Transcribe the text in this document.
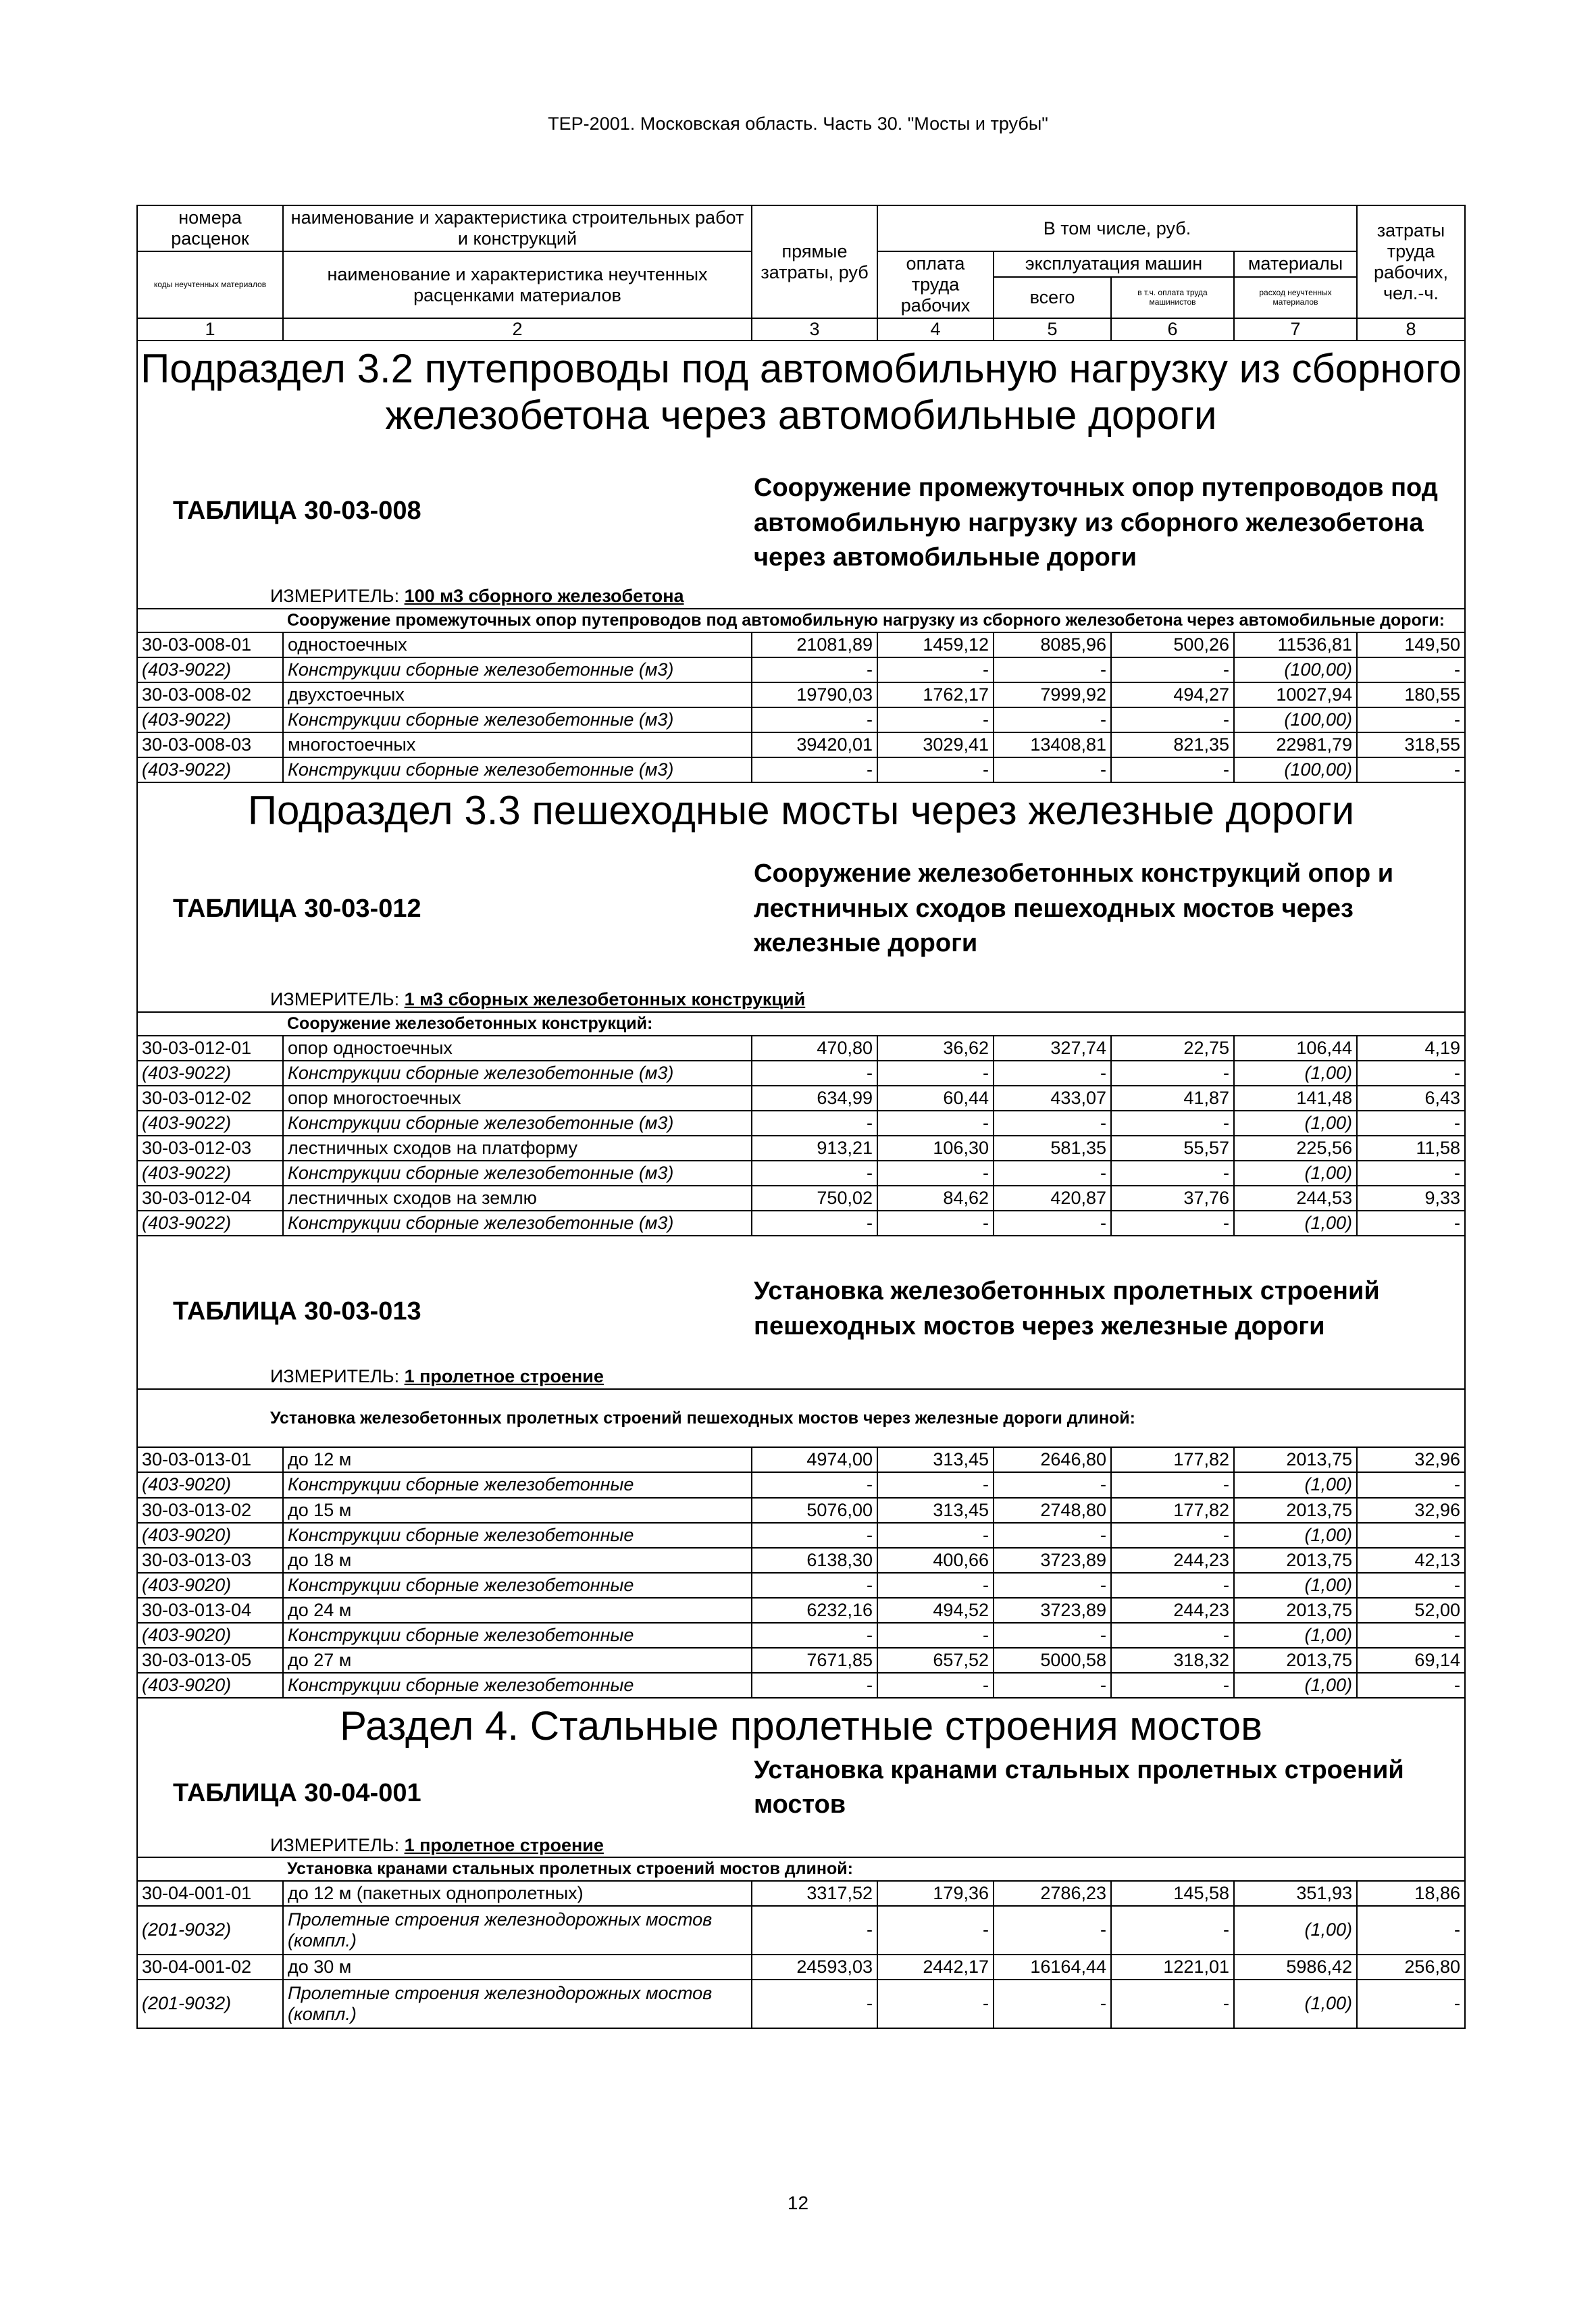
ТЕР-2001. Московская область. Часть 30. "Мосты и трубы"
номера расценок	наименование и характеристика строительных работ и конструкций	прямые затраты, руб	В том числе, руб.				затраты труда рабочих, чел.-ч.
коды неучтенных материалов	наименование и характеристика неучтенных расценками материалов		оплата труда рабочих	эксплуатация машин		материалы	
				всего	в т.ч. оплата труда машинистов	расход неучтенных материалов	
1	2	3	4	5	6	7	8
Подраздел 3.2 путепроводы под автомобильную нагрузку из сборного железобетона через автомобильные дороги							

ТАБЛИЦА 30-03-008
Сооружение промежуточных опор путепроводов под автомобильную нагрузку из сборного железобетона через автомобильные дороги							

ИЗМЕРИТЕЛЬ: 100 м3 сборного железобетона							
	Сооружение промежуточных опор путепроводов под автомобильную нагрузку из сборного железобетона через автомобильные дороги:						
30-03-008-01	одностоечных	21081,89	1459,12	8085,96	500,26	11536,81	149,50
(403-9022)	Конструкции сборные железобетонные (м3)	-	-	-	-	(100,00)	-
30-03-008-02	двухстоечных	19790,03	1762,17	7999,92	494,27	10027,94	180,55
(403-9022)	Конструкции сборные железобетонные (м3)	-	-	-	-	(100,00)	-
30-03-008-03	многостоечных	39420,01	3029,41	13408,81	821,35	22981,79	318,55
(403-9022)	Конструкции сборные железобетонные (м3)	-	-	-	-	(100,00)	-
Подраздел 3.3 пешеходные мосты через железные дороги							

ТАБЛИЦА 30-03-012
Сооружение железобетонных конструкций опор и лестничных сходов пешеходных мостов через железные дороги							

ИЗМЕРИТЕЛЬ: 1 м3 сборных железобетонных конструкций							
	Сооружение железобетонных конструкций:						
30-03-012-01	опор одностоечных	470,80	36,62	327,74	22,75	106,44	4,19
(403-9022)	Конструкции сборные железобетонные (м3)	-	-	-	-	(1,00)	-
30-03-012-02	опор многостоечных	634,99	60,44	433,07	41,87	141,48	6,43
(403-9022)	Конструкции сборные железобетонные (м3)	-	-	-	-	(1,00)	-
30-03-012-03	лестничных сходов на платформу	913,21	106,30	581,35	55,57	225,56	11,58
(403-9022)	Конструкции сборные железобетонные (м3)	-	-	-	-	(1,00)	-
30-03-012-04	лестничных сходов на землю	750,02	84,62	420,87	37,76	244,53	9,33
(403-9022)	Конструкции сборные железобетонные (м3)	-	-	-	-	(1,00)	-

ТАБЛИЦА 30-03-013
Установка железобетонных пролетных строений пешеходных мостов через железные дороги							

ИЗМЕРИТЕЛЬ: 1 пролетное строение							
Установка железобетонных пролетных строений пешеходных мостов через железные дороги длиной:							
30-03-013-01	до 12 м	4974,00	313,45	2646,80	177,82	2013,75	32,96
(403-9020)	Конструкции сборные железобетонные	-	-	-	-	(1,00)	-
30-03-013-02	до 15 м	5076,00	313,45	2748,80	177,82	2013,75	32,96
(403-9020)	Конструкции сборные железобетонные	-	-	-	-	(1,00)	-
30-03-013-03	до 18 м	6138,30	400,66	3723,89	244,23	2013,75	42,13
(403-9020)	Конструкции сборные железобетонные	-	-	-	-	(1,00)	-
30-03-013-04	до 24 м	6232,16	494,52	3723,89	244,23	2013,75	52,00
(403-9020)	Конструкции сборные железобетонные	-	-	-	-	(1,00)	-
30-03-013-05	до 27 м	7671,85	657,52	5000,58	318,32	2013,75	69,14
(403-9020)	Конструкции сборные железобетонные	-	-	-	-	(1,00)	-
Раздел 4. Стальные пролетные строения мостов							

ТАБЛИЦА 30-04-001
Установка кранами стальных пролетных строений мостов							

ИЗМЕРИТЕЛЬ: 1 пролетное строение							
	Установка кранами стальных пролетных строений мостов длиной:						
30-04-001-01	до 12 м (пакетных однопролетных)	3317,52	179,36	2786,23	145,58	351,93	18,86
(201-9032)	Пролетные строения железнодорожных мостов (компл.)	-	-	-	-	(1,00)	-
30-04-001-02	до 30 м	24593,03	2442,17	16164,44	1221,01	5986,42	256,80
(201-9032)	Пролетные строения железнодорожных мостов (компл.)	-	-	-	-	(1,00)	-
12
